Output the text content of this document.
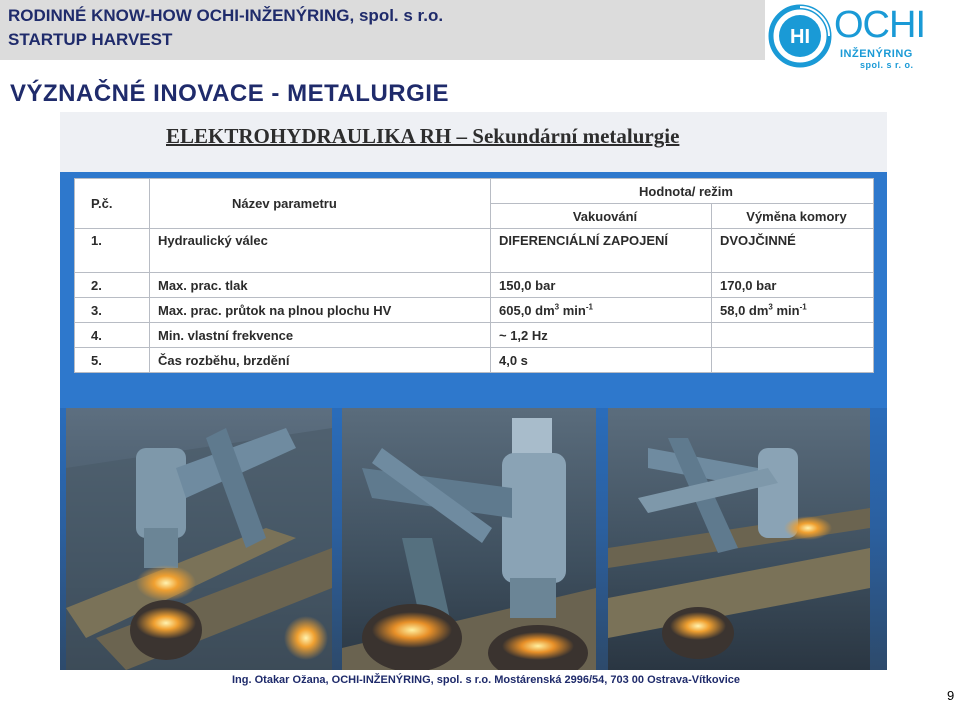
RODINNÉ KNOW-HOW OCHI-INŽENÝRING, spol. s r.o.
STARTUP HARVEST	HI OCHI
INŽENÝRING
spol. s r. o.
VÝZNAČNÉ INOVACE - METALURGIE
ELEKTROHYDRAULIKA RH – Sekundární metalurgie
P.č.	Název parametru	Hodnota/ režim	
		Vakuování	Výměna komory
1.	Hydraulický válec	DIFERENCIÁLNÍ ZAPOJENÍ	DVOJČINNÉ
2.	Max. prac. tlak	150,0 bar	170,0 bar
3.	Max. prac. průtok na plnou plochu HV	605,0 $dm^3$ $\min^{-1}$	58,0 $dm^3$ $\min^{-1}$
4.	Min. vlastní frekvence	~ 1,2 Hz	
5.	Čas rozběhu, brzdění	4,0 s	
Ing. Otakar Ožana, OCHI-INŽENÝRING, spol. s r.o. Mostárenská 2996/54, 703 00 Ostrava-Vítkovice
9
